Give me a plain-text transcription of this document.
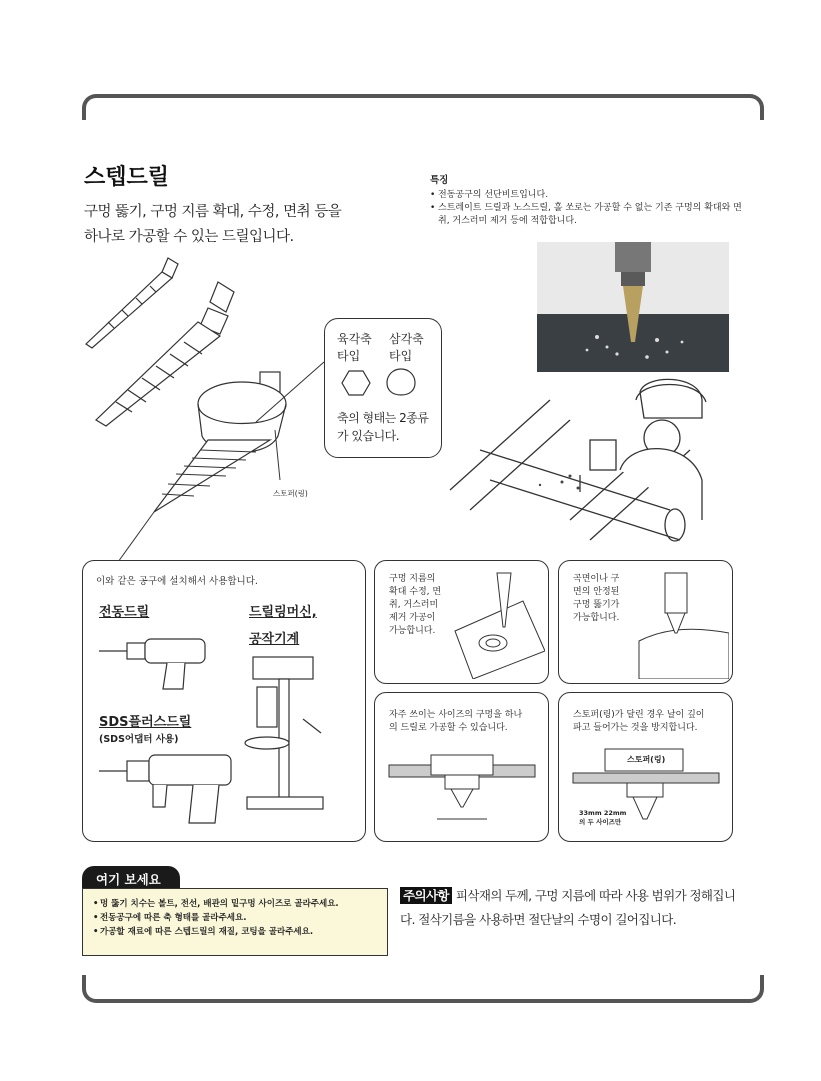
스텝드릴
구멍 뚫기, 구멍 지름 확대, 수정, 면취 등을
하나로 가공할 수 있는 드릴입니다.
특징
• 전동공구의 선단비트입니다.
• 스트레이트 드릴과 노스드릴, 홀 쏘로는 가공할 수 없는 기존 구멍의 확대와 면취, 거스러미 제거 등에 적합합니다.
육각축
타입
삼각축
타입
축의 형태는 2종류
가 있습니다.
스토퍼(링)
이와 같은 공구에 설치해서 사용합니다.
전동드릴	드릴링머신,
공작기계
SDS플러스드릴
(SDS어댑터 사용)
구멍 지름의
확대 수정, 면
취, 거스러미
제거 가공이
가능합니다.
곡면이나 구
면의 안정된
구멍 뚫기가
가능합니다.
자주 쓰이는 사이즈의 구멍을 하나
의 드릴로 가공할 수 있습니다.
스토퍼(링)가 달린 경우 날이 깊이
파고 들어가는 것을 방지합니다.
스토퍼(링)
33mm 22mm
의 두 사이즈만
여기 보세요
• 멍 뚫기 치수는 볼트, 전선, 배관의 밑구멍 사이즈로 골라주세요.
• 전동공구에 따른 축 형태를 골라주세요.
• 가공할 재료에 따른 스텝드릴의 재질, 코팅을 골라주세요.
주의사항 피삭재의 두께, 구멍 지름에 따라 사용 범위가 정해집니다. 절삭기름을 사용하면 절단날의 수명이 길어집니다.
